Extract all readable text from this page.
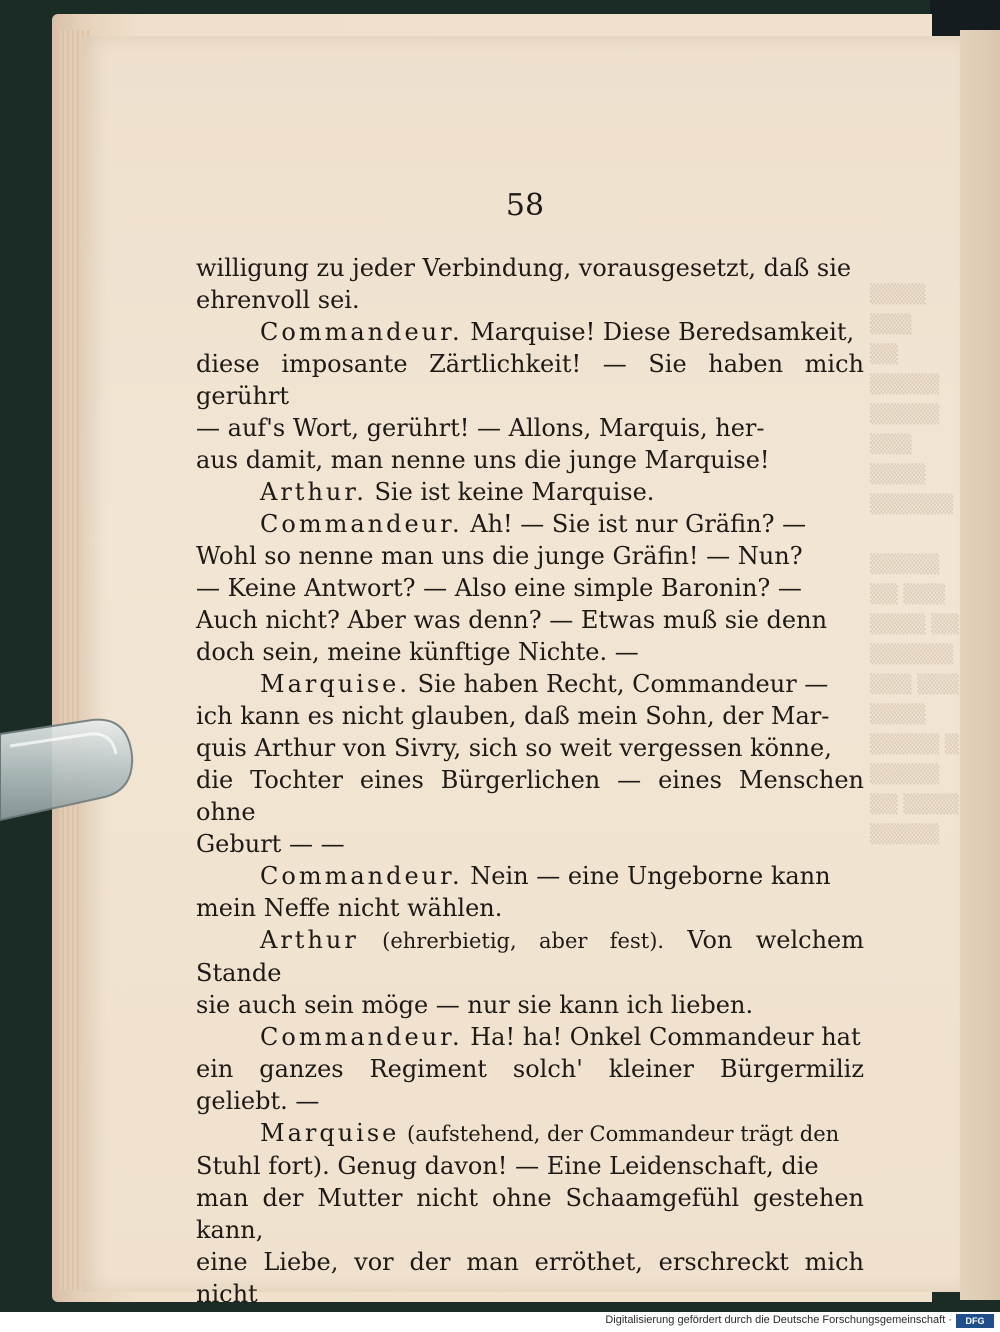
▒▒▒▒ ▒▒▒
▒▒ ▒▒▒▒▒
▒▒▒▒▒
▒▒▒ ▒▒▒▒
▒▒▒▒▒▒

▒▒▒▒▒
▒▒ ▒▒▒
▒▒▒▒ ▒▒
▒▒▒▒▒▒
▒▒▒ ▒▒▒
▒▒▒▒
▒▒▒▒▒ ▒
▒▒▒▒▒
▒▒ ▒▒▒▒
▒▒▒▒▒
58

willigung zu jeder Verbindung, vorausgesetzt, daß sie
ehrenvoll sei.

Commandeur. Marquise! Diese Beredsamkeit,
diese imposante Zärtlichkeit! — Sie haben mich gerührt
— auf's Wort, gerührt! — Allons, Marquis, her-
aus damit, man nenne uns die junge Marquise!

Arthur. Sie ist keine Marquise.

Commandeur. Ah! — Sie ist nur Gräfin? —
Wohl so nenne man uns die junge Gräfin! — Nun?
— Keine Antwort? — Also eine simple Baronin? —
Auch nicht? Aber was denn? — Etwas muß sie denn
doch sein, meine künftige Nichte. —

Marquise. Sie haben Recht, Commandeur —
ich kann es nicht glauben, daß mein Sohn, der Mar-
quis Arthur von Sivry, sich so weit vergessen könne,
die Tochter eines Bürgerlichen — eines Menschen ohne
Geburt — —

Commandeur. Nein — eine Ungeborne kann
mein Neffe nicht wählen.

Arthur (ehrerbietig, aber fest). Von welchem Stande
sie auch sein möge — nur sie kann ich lieben.

Commandeur. Ha! ha! Onkel Commandeur hat
ein ganzes Regiment solch' kleiner Bürgermiliz geliebt. —

Marquise (aufstehend, der Commandeur trägt den
Stuhl fort). Genug davon! — Eine Leidenschaft, die
man der Mutter nicht ohne Schaamgefühl gestehen kann,
eine Liebe, vor der man erröthet, erschreckt mich nicht

Digitalisierung gefördert durch die Deutsche Forschungsgemeinschaft ·	DFG
